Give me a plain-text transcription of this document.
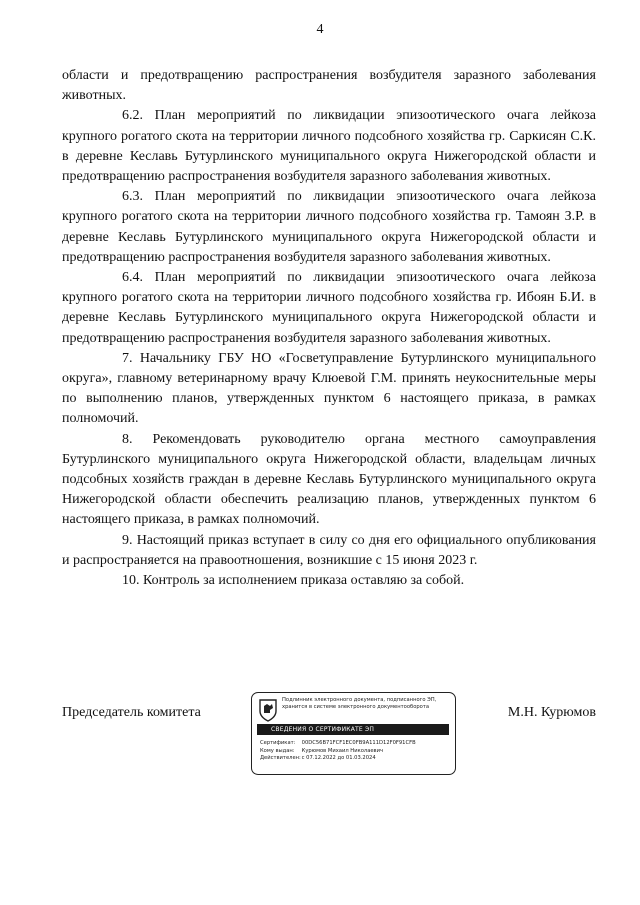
4

области и предотвращению распространения возбудителя заразного заболевания животных.

6.2. План мероприятий по ликвидации эпизоотического очага лейкоза крупного рогатого скота на территории личного подсобного хозяйства гр. Саркисян С.К. в деревне Кеславь Бутурлинского муниципального округа Нижегородской области и предотвращению распространения возбудителя заразного заболевания животных.

6.3. План мероприятий по ликвидации эпизоотического очага лейкоза крупного рогатого скота на территории личного подсобного хозяйства гр. Тамоян З.Р. в деревне Кеславь Бутурлинского муниципального округа Нижегородской области и предотвращению распространения возбудителя заразного заболевания животных.

6.4. План мероприятий по ликвидации эпизоотического очага лейкоза крупного рогатого скота на территории личного подсобного хозяйства гр. Ибоян Б.И. в деревне Кеславь Бутурлинского муниципального округа Нижегородской области и предотвращению распространения возбудителя заразного заболевания животных.

7. Начальнику ГБУ НО «Госветуправление Бутурлинского муниципального округа», главному ветеринарному врачу Клюевой Г.М. принять неукоснительные меры по выполнению планов, утвержденных пунктом 6 настоящего приказа, в рамках полномочий.

8. Рекомендовать руководителю органа местного самоуправления Бутурлинского муниципального округа Нижегородской области, владельцам личных подсобных хозяйств граждан в деревне Кеславь Бутурлинского муниципального округа Нижегородской области обеспечить реализацию планов, утвержденных пунктом 6 настоящего приказа, в рамках полномочий.

9. Настоящий приказ вступает в силу со дня его официального опубликования и распространяется на правоотношения, возникшие с 15 июня 2023 г.

10. Контроль за исполнением приказа оставляю за собой.

Председатель комитета	М.Н. Курюмов
Подлинник электронного документа, подписанного ЭП, хранится в системе электронного документооборота
СВЕДЕНИЯ О СЕРТИФИКАТЕ ЭП
Сертификат: 00DC56B71FCF1EC0FB9A111D12F0F91CFB
Кому выдан: Курюмов Михаил Николаевич
Действителен: с 07.12.2022 до 01.03.2024
